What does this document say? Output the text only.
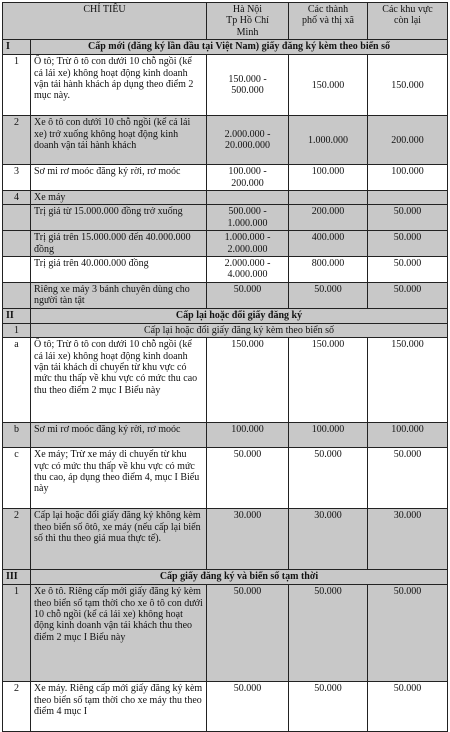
CHỈ TIÊU		Hà Nội
Tp Hồ Chí
Minh	Các thành
phố và thị xã	Các khu vực
còn lại
I	Cấp mới (đăng ký lần đầu tại Việt Nam) giấy đăng ký kèm theo biển số			
1	Ô tô; Trừ ô tô con dưới 10 chỗ ngồi (kể cả lái xe) không hoạt động kinh doanh vận tải hành khách áp dụng theo điểm 2 mục này.	150.000 -
500.000	150.000	150.000
2	Xe ô tô con dưới 10 chỗ ngồi (kể cả lái xe) trở xuống không hoạt động kinh doanh vận tải hành khách	2.000.000 -
20.000.000	1.000.000	200.000
3	Sơ mi rơ moóc đăng ký rời, rơ moóc	100.000 -
200.000	100.000	100.000
4	Xe máy			
	Trị giá từ 15.000.000 đồng trở xuống	500.000 -
1.000.000	200.000	50.000
	Trị giá trên 15.000.000 đến 40.000.000 đồng	1.000.000 -
2.000.000	400.000	50.000
	Trị giá trên 40.000.000 đồng	2.000.000 -
4.000.000	800.000	50.000
	Riêng xe máy 3 bánh chuyên dùng cho người tàn tật	50.000	50.000	50.000
II	Cấp lại hoặc đổi giấy đăng ký			
1	Cấp lại hoặc đổi giấy đăng ký kèm theo biển số			
a	Ô tô; Trừ ô tô con dưới 10 chỗ ngồi (kể cả lái xe) không hoạt động kinh doanh vận tải khách di chuyển từ khu vực có mức thu thấp về khu vực có mức thu cao thu theo điểm 2 mục I Biểu này	150.000	150.000	150.000
b	Sơ mi rơ moóc đăng ký rời, rơ moóc	100.000	100.000	100.000
c	Xe máy; Trừ xe máy di chuyển từ khu vực có mức thu thấp về khu vực có mức thu cao, áp dụng theo điểm 4, mục I Biểu này	50.000	50.000	50.000
2	Cấp lại hoặc đổi giấy đăng ký không kèm theo biển số ôtô, xe máy (nếu cấp lại biển số thì thu theo giá mua thực tế).	30.000	30.000	30.000
III	Cấp giấy đăng ký và biển số tạm thời			
1	Xe ô tô. Riêng cấp mới giấy đăng ký kèm theo biển số tạm thời cho xe ô tô con dưới 10 chỗ ngồi (kể cả lái xe) không hoạt động kinh doanh vận tải khách thu theo điểm 2 mục I Biểu này	50.000	50.000	50.000
2	Xe máy. Riêng cấp mới giấy đăng ký kèm theo biển số tạm thời cho xe máy thu theo điểm 4 mục I	50.000	50.000	50.000
